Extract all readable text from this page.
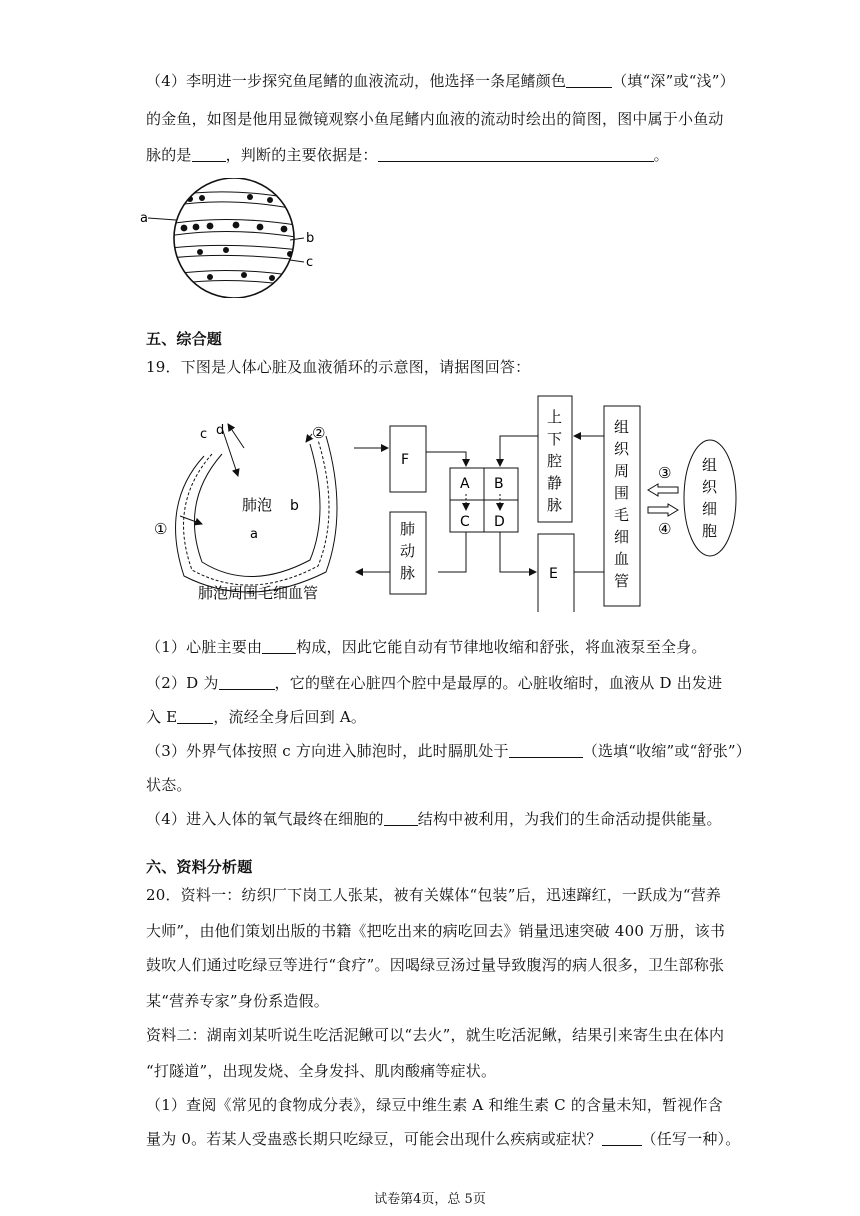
（4）李明进一步探究鱼尾鳍的血液流动，他选择一条尾鳍颜色	（填“深”或“浅”）
的金鱼，如图是他用显微镜观察小鱼尾鳍内血液的流动时绘出的简图，图中属于小鱼动
脉的是 ，判断的主要依据是：	。
a
b
c
五、综合题
19．下图是人体心脏及血液循环的示意图，请据图回答：
c d
肺泡 b
a
①
②
肺泡周围毛细血管
F
A B
C D
肺
动
脉
上
下
腔
静
脉
E
组
织
周
围
毛
细
血
管
③
④
组
织
细
胞
（1）心脏主要由 构成，因此它能自动有节律地收缩和舒张，将血液泵至全身。
（2）D 为	，它的壁在心脏四个腔中是最厚的。心脏收缩时，血液从 D 出发进
入 E ，流经全身后回到 A。
（3）外界气体按照 c 方向进入肺泡时，此时膈肌处于	（选填“收缩”或“舒张”）
状态。
（4）进入人体的氧气最终在细胞的 结构中被利用，为我们的生命活动提供能量。
六、资料分析题
20．资料一：纺织厂下岗工人张某，被有关媒体“包装”后，迅速蹿红，一跃成为“营养
大师”，由他们策划出版的书籍《把吃出来的病吃回去》销量迅速突破 400 万册，该书
鼓吹人们通过吃绿豆等进行“食疗”。因喝绿豆汤过量导致腹泻的病人很多，卫生部称张
某“营养专家”身份系造假。
资料二：湖南刘某听说生吃活泥鳅可以“去火”，就生吃活泥鳅，结果引来寄生虫在体内
“打隧道”，出现发烧、全身发抖、肌肉酸痛等症状。
（1）查阅《常见的食物成分表》，绿豆中维生素 A 和维生素 C 的含量未知，暂视作含
量为 0。若某人受蛊惑长期只吃绿豆，可能会出现什么疾病或症状？	（任写一种）。
试卷第4页，总 5页
